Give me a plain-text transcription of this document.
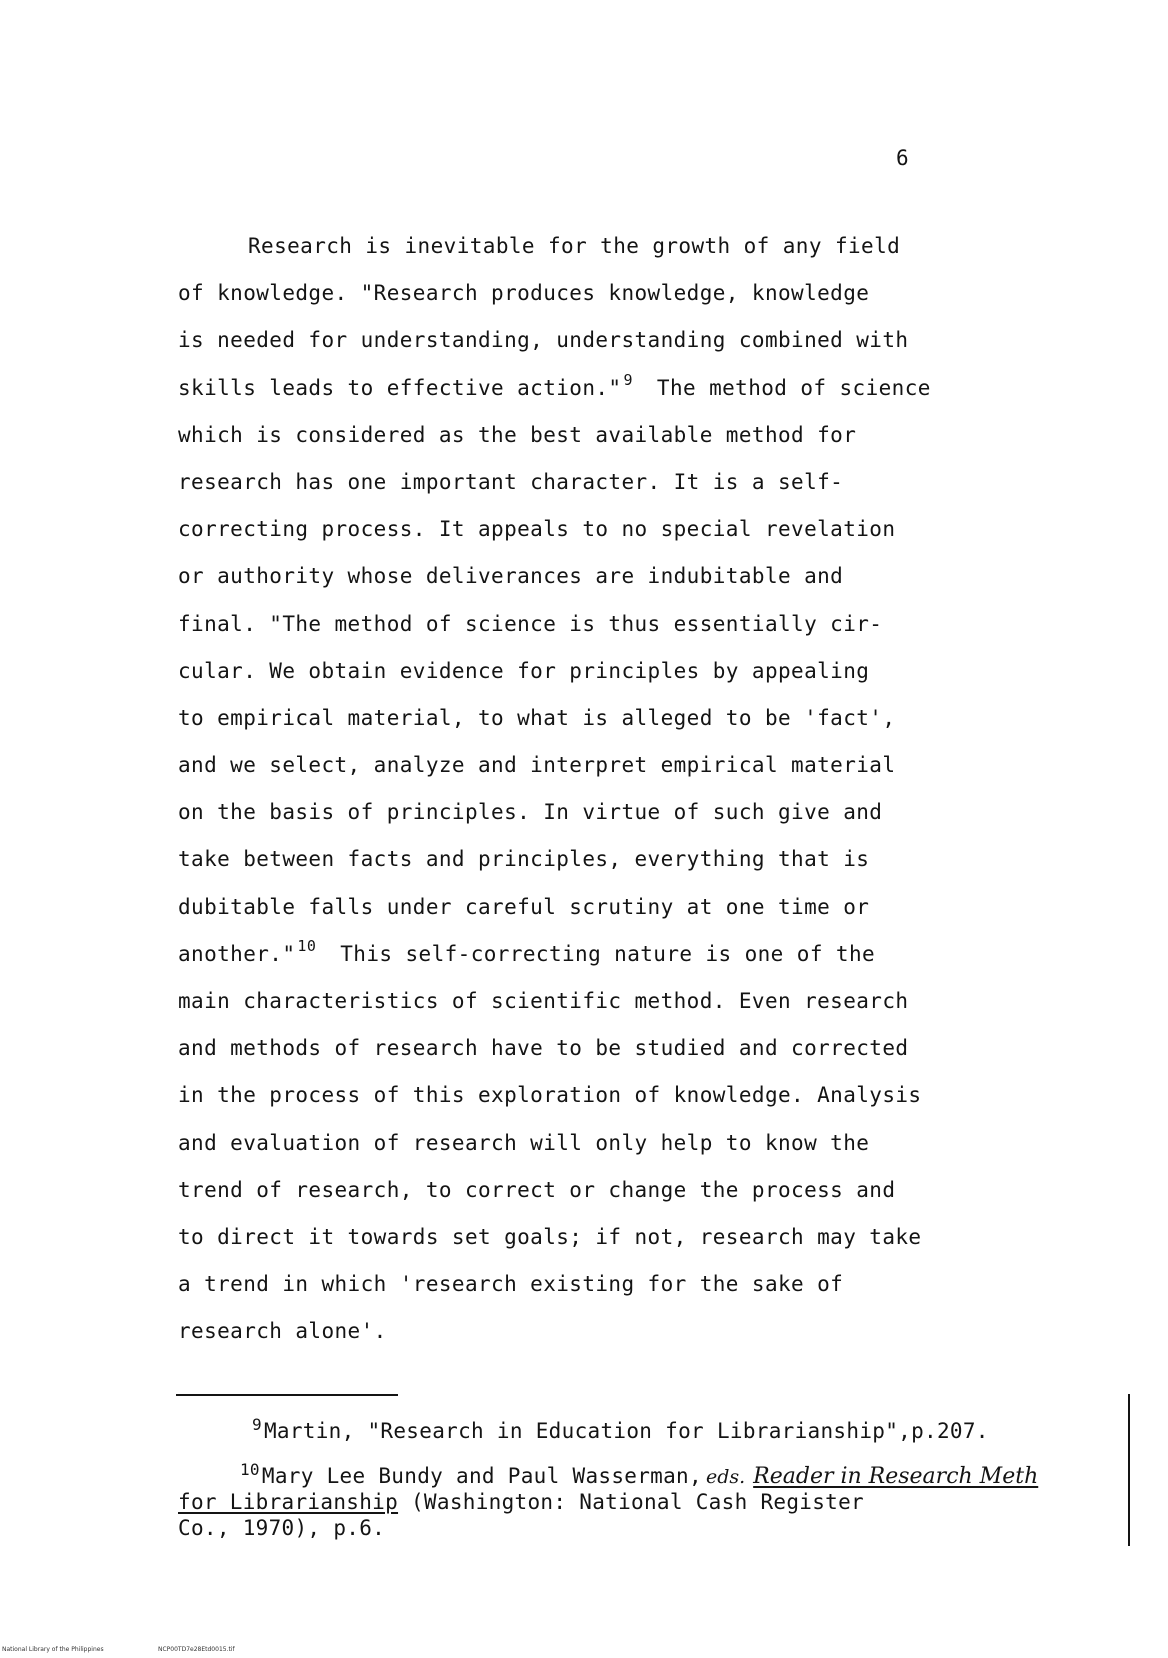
6
Research is inevitable for the growth of any field
of knowledge. "Research produces knowledge, knowledge
is needed for understanding, understanding combined with
skills leads to effective action." $^9$ The method of science
which is considered as the best available method for
research has one important character. It is a self-
correcting process. It appeals to no special revelation
or authority whose deliverances are indubitable and
final. "The method of science is thus essentially cir-
cular. We obtain evidence for principles by appealing
to empirical material, to what is alleged to be 'fact',
and we select, analyze and interpret empirical material
on the basis of principles. In virtue of such give and
take between facts and principles, everything that is
dubitable falls under careful scrutiny at one time or
another." $^{10}$ This self-correcting nature is one of the
main characteristics of scientific method. Even research
and methods of research have to be studied and corrected
in the process of this exploration of knowledge. Analysis
and evaluation of research will only help to know the
trend of research, to correct or change the process and
to direct it towards set goals; if not, research may take
a trend in which 'research existing for the sake of
research alone'.
$^9$Martin, "Research in Education for Librarianship",p.207.
$^{10}$Mary Lee Bundy and Paul Wasserman, eds. Reader in Research Meth
for Librarianship (Washington: National Cash Register
Co., 1970), p.6.
National Library of the Philippines	NCP00TD7e28Etd0015.tif
